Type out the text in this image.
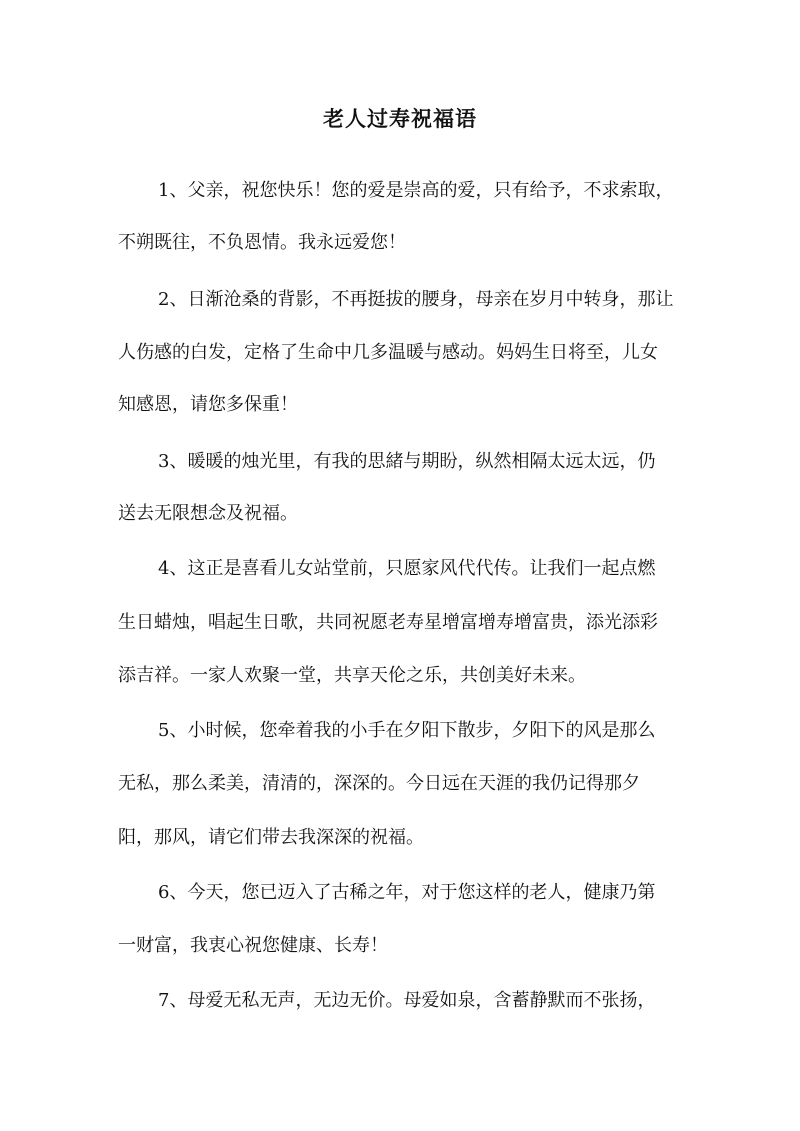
老人过寿祝福语
1、父亲，祝您快乐！您的爱是崇高的爱，只有给予，不求索取，
不朔既往，不负恩情。我永远爱您！
2、日渐沧桑的背影，不再挺拔的腰身，母亲在岁月中转身，那让
人伤感的白发，定格了生命中几多温暖与感动。妈妈生日将至，儿女
知感恩，请您多保重！
3、暖暖的烛光里，有我的思緒与期盼，纵然相隔太远太远，仍
送去无限想念及祝福。
4、这正是喜看儿女站堂前，只愿家风代代传。让我们一起点燃
生日蜡烛，唱起生日歌，共同祝愿老寿星增富增寿增富贵，添光添彩
添吉祥。一家人欢聚一堂，共享天伦之乐，共创美好未来。
5、小时候，您牵着我的小手在夕阳下散步，夕阳下的风是那么
无私，那么柔美，清清的，深深的。今日远在天涯的我仍记得那夕
阳，那风，请它们带去我深深的祝福。
6、今天，您已迈入了古稀之年，对于您这样的老人，健康乃第
一财富，我衷心祝您健康、长寿！
7、母爱无私无声，无边无价。母爱如泉，含蓄静默而不张扬，
